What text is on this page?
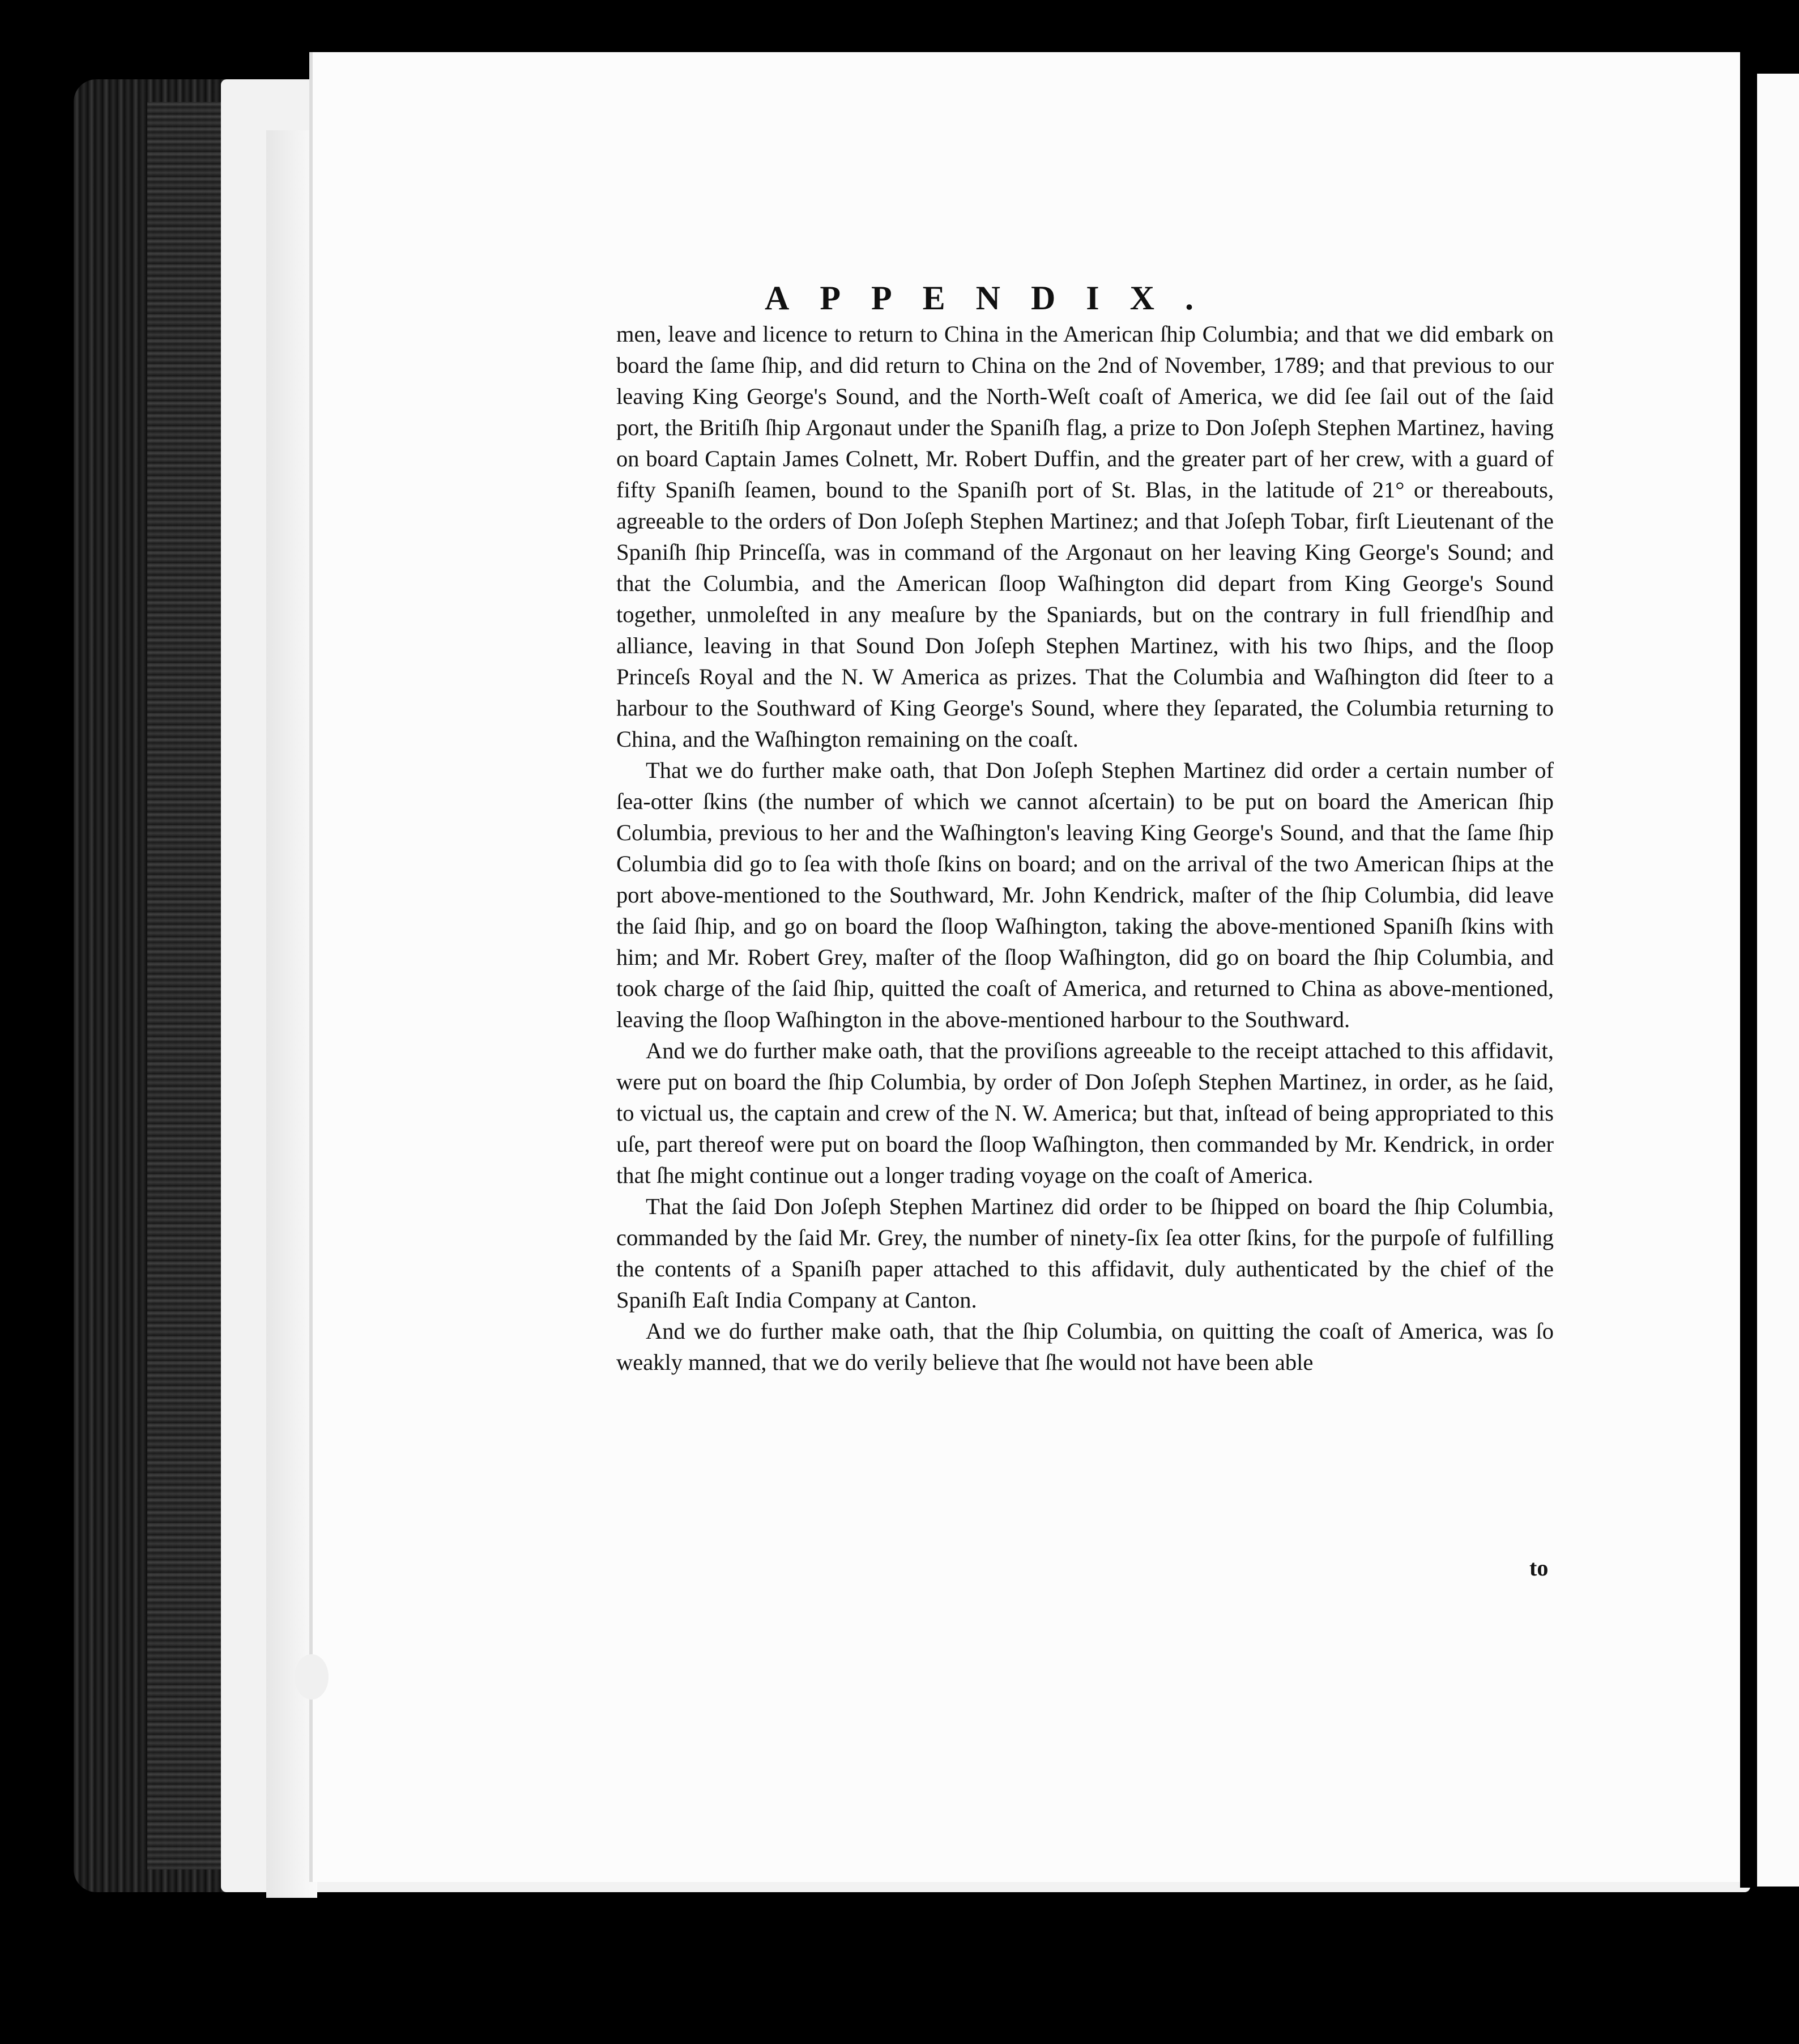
APPENDIX.

men, leave and licence to return to China in the American ſhip Columbia; and that we did embark on board the ſame ſhip, and did return to China on the 2nd of November, 1789; and that previous to our leaving King George's Sound, and the North-Weſt coaſt of America, we did ſee ſail out of the ſaid port, the Britiſh ſhip Argonaut under the Spaniſh flag, a prize to Don Joſeph Stephen Martinez, having on board Captain James Colnett, Mr. Robert Duffin, and the greater part of her crew, with a guard of fifty Spaniſh ſeamen, bound to the Spaniſh port of St. Blas, in the latitude of 21° or thereabouts, agreeable to the orders of Don Joſeph Stephen Martinez; and that Joſeph Tobar, firſt Lieutenant of the Spaniſh ſhip Princeſſa, was in command of the Argonaut on her leaving King George's Sound; and that the Columbia, and the American ſloop Waſhington did depart from King George's Sound together, unmoleſted in any meaſure by the Spaniards, but on the contrary in full friendſhip and alliance, leaving in that Sound Don Joſeph Stephen Martinez, with his two ſhips, and the ſloop Princeſs Royal and the N. W America as prizes. That the Columbia and Waſhington did ſteer to a harbour to the Southward of King George's Sound, where they ſeparated, the Columbia returning to China, and the Waſhington remaining on the coaſt.

That we do further make oath, that Don Joſeph Stephen Martinez did order a certain number of ſea-otter ſkins (the number of which we cannot aſcertain) to be put on board the American ſhip Columbia, previous to her and the Waſhington's leaving King George's Sound, and that the ſame ſhip Columbia did go to ſea with thoſe ſkins on board; and on the arrival of the two American ſhips at the port above-mentioned to the Southward, Mr. John Kendrick, maſter of the ſhip Columbia, did leave the ſaid ſhip, and go on board the ſloop Waſhington, taking the above-mentioned Spaniſh ſkins with him; and Mr. Robert Grey, maſter of the ſloop Waſhington, did go on board the ſhip Columbia, and took charge of the ſaid ſhip, quitted the coaſt of America, and returned to China as above-mentioned, leaving the ſloop Waſhington in the above-mentioned harbour to the Southward.

And we do further make oath, that the proviſions agreeable to the receipt attached to this affidavit, were put on board the ſhip Columbia, by order of Don Joſeph Stephen Martinez, in order, as he ſaid, to victual us, the captain and crew of the N. W. America; but that, inſtead of being appropriated to this uſe, part thereof were put on board the ſloop Waſhington, then commanded by Mr. Kendrick, in order that ſhe might continue out a longer trading voyage on the coaſt of America.

That the ſaid Don Joſeph Stephen Martinez did order to be ſhipped on board the ſhip Columbia, commanded by the ſaid Mr. Grey, the number of ninety-ſix ſea otter ſkins, for the purpoſe of fulfilling the contents of a Spaniſh paper attached to this affidavit, duly authenticated by the chief of the Spaniſh Eaſt India Company at Canton.

And we do further make oath, that the ſhip Columbia, on quitting the coaſt of America, was ſo weakly manned, that we do verily believe that ſhe would not have been able

to
